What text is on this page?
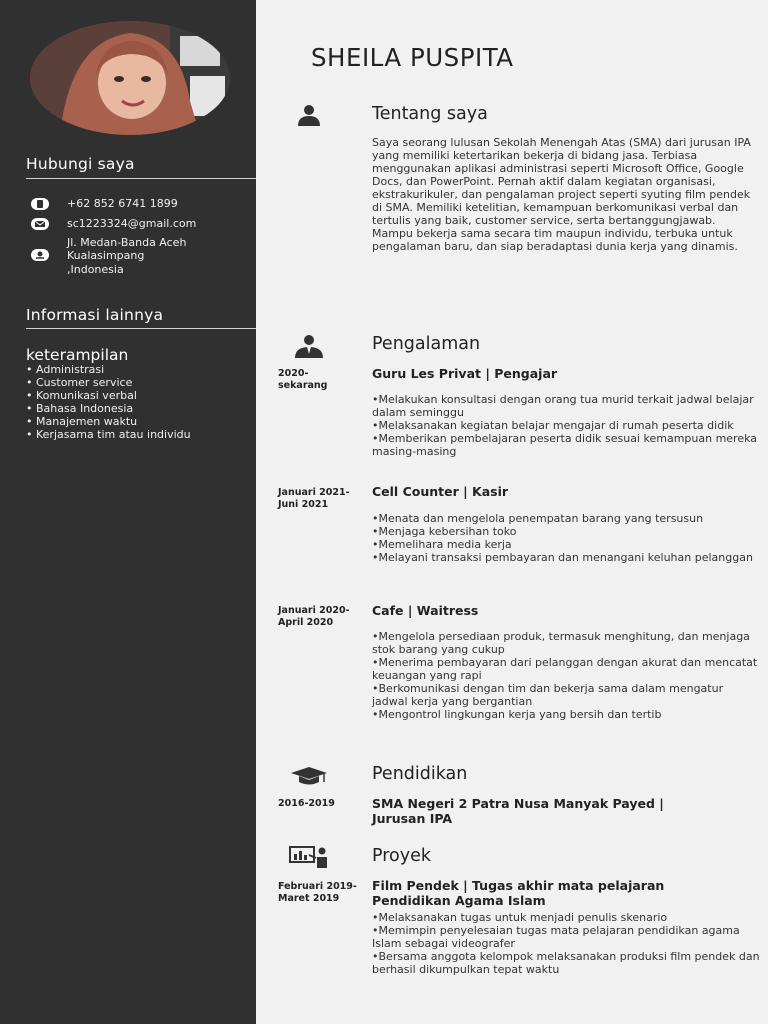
Hubungi saya
+62 852 6741 1899
sc1223324@gmail.com
Jl. Medan-Banda Aceh
Kualasimpang
,Indonesia
Informasi lainnya
keterampilan
• Administrasi
• Customer service
• Komunikasi verbal
• Bahasa Indonesia
• Manajemen waktu
• Kerjasama tim atau individu
SHEILA PUSPITA
Tentang saya

Saya seorang lulusan Sekolah Menengah Atas (SMA) dari jurusan IPA yang memiliki ketertarikan bekerja di bidang jasa. Terbiasa menggunakan aplikasi administrasi seperti Microsoft Office, Google Docs, dan PowerPoint. Pernah aktif dalam kegiatan organisasi, ekstrakurikuler, dan pengalaman project seperti syuting film pendek di SMA. Memiliki ketelitian, kemampuan berkomunikasi verbal dan tertulis yang baik, customer service, serta bertanggungjawab. Mampu bekerja sama secara tim maupun individu, terbuka untuk pengalaman baru, dan siap beradaptasi dunia kerja yang dinamis.

Pengalaman
2020-
sekarang
Guru Les Privat | Pengajar
• Melakukan konsultasi dengan orang tua murid terkait jadwal belajar dalam seminggu
• Melaksanakan kegiatan belajar mengajar di rumah peserta didik
• Memberikan pembelajaran peserta didik sesuai kemampuan mereka masing-masing
Januari 2021-
Juni 2021
Cell Counter | Kasir
• Menata dan mengelola penempatan barang yang tersusun
• Menjaga kebersihan toko
• Memelihara media kerja
• Melayani transaksi pembayaran dan menangani keluhan pelanggan
Januari 2020-
April 2020
Cafe | Waitress
• Mengelola persediaan produk, termasuk menghitung, dan menjaga stok barang yang cukup
• Menerima pembayaran dari pelanggan dengan akurat dan mencatat keuangan yang rapi
• Berkomunikasi dengan tim dan bekerja sama dalam mengatur jadwal kerja yang bergantian
• Mengontrol lingkungan kerja yang bersih dan tertib
Pendidikan
2016-2019	SMA Negeri 2 Patra Nusa Manyak Payed |
Jurusan IPA
Proyek
Februari 2019-
Maret 2019
Film Pendek | Tugas akhir mata pelajaran
Pendidikan Agama Islam
• Melaksanakan tugas untuk menjadi penulis skenario
• Memimpin penyelesaian tugas mata pelajaran pendidikan agama Islam sebagai videografer
• Bersama anggota kelompok melaksanakan produksi film pendek dan berhasil dikumpulkan tepat waktu
